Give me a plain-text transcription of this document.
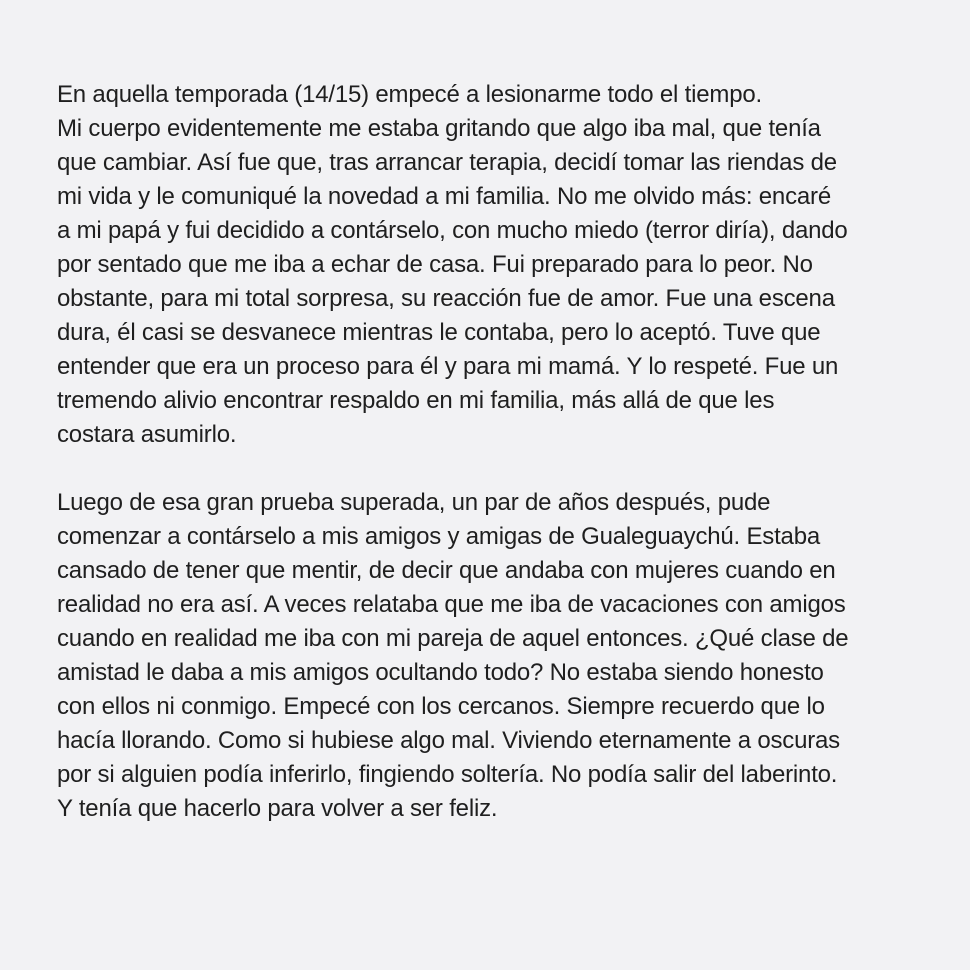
En aquella temporada (14/15) empecé a lesionarme todo el tiempo.
Mi cuerpo evidentemente me estaba gritando que algo iba mal, que tenía
que cambiar. Así fue que, tras arrancar terapia, decidí tomar las riendas de
mi vida y le comuniqué la novedad a mi familia. No me olvido más: encaré
a mi papá y fui decidido a contárselo, con mucho miedo (terror diría), dando
por sentado que me iba a echar de casa. Fui preparado para lo peor. No
obstante, para mi total sorpresa, su reacción fue de amor. Fue una escena
dura, él casi se desvanece mientras le contaba, pero lo aceptó. Tuve que
entender que era un proceso para él y para mi mamá. Y lo respeté. Fue un
tremendo alivio encontrar respaldo en mi familia, más allá de que les
costara asumirlo.
Luego de esa gran prueba superada, un par de años después, pude
comenzar a contárselo a mis amigos y amigas de Gualeguaychú. Estaba
cansado de tener que mentir, de decir que andaba con mujeres cuando en
realidad no era así. A veces relataba que me iba de vacaciones con amigos
cuando en realidad me iba con mi pareja de aquel entonces. ¿Qué clase de
amistad le daba a mis amigos ocultando todo? No estaba siendo honesto
con ellos ni conmigo. Empecé con los cercanos. Siempre recuerdo que lo
hacía llorando. Como si hubiese algo mal. Viviendo eternamente a oscuras
por si alguien podía inferirlo, fingiendo soltería. No podía salir del laberinto.
Y tenía que hacerlo para volver a ser feliz.
